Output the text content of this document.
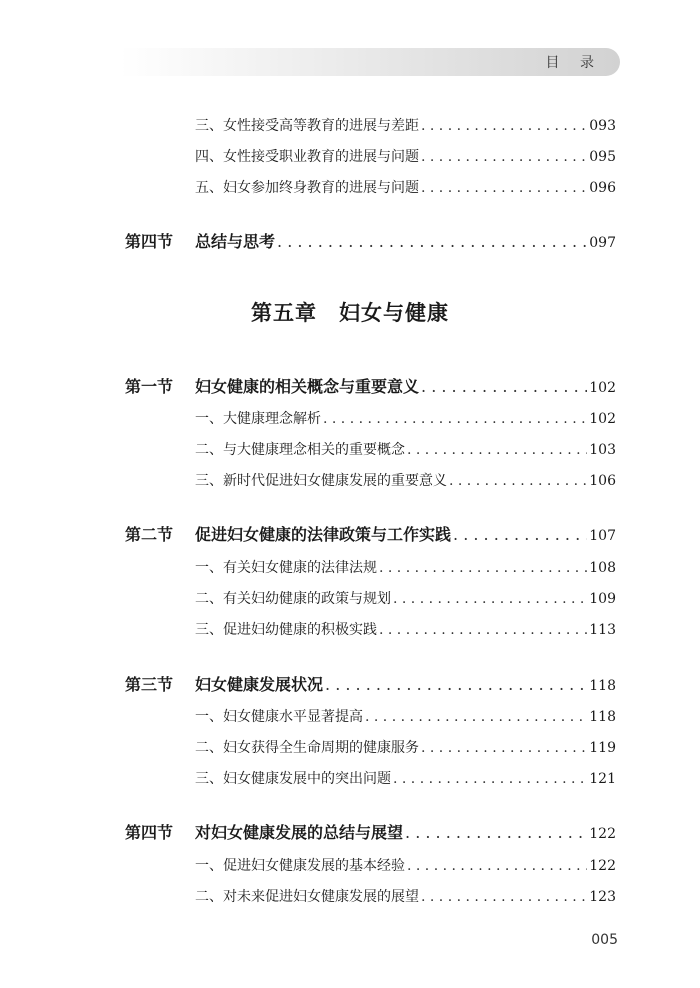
目 录
三、女性接受高等教育的进展与差距 . . .	093
四、女性接受职业教育的进展与问题 . . .	095
五、妇女参加终身教育的进展与问题 . . .	096
第四节	总结与思考 . . .	097
第五章 妇女与健康
第一节	妇女健康的相关概念与重要意义 . . .	102
一、大健康理念解析 . . .	102
二、与大健康理念相关的重要概念 . . .	103
三、新时代促进妇女健康发展的重要意义 . . .	106
第二节	促进妇女健康的法律政策与工作实践 . . .	107
一、有关妇女健康的法律法规 . . .	108
二、有关妇幼健康的政策与规划 . . .	109
三、促进妇幼健康的积极实践 . . .	113
第三节	妇女健康发展状况 . . .	118
一、妇女健康水平显著提高 . . .	118
二、妇女获得全生命周期的健康服务 . . .	119
三、妇女健康发展中的突出问题 . . .	121
第四节	对妇女健康发展的总结与展望 . . .	122
一、促进妇女健康发展的基本经验 . . .	122
二、对未来促进妇女健康发展的展望 . . .	123
005
